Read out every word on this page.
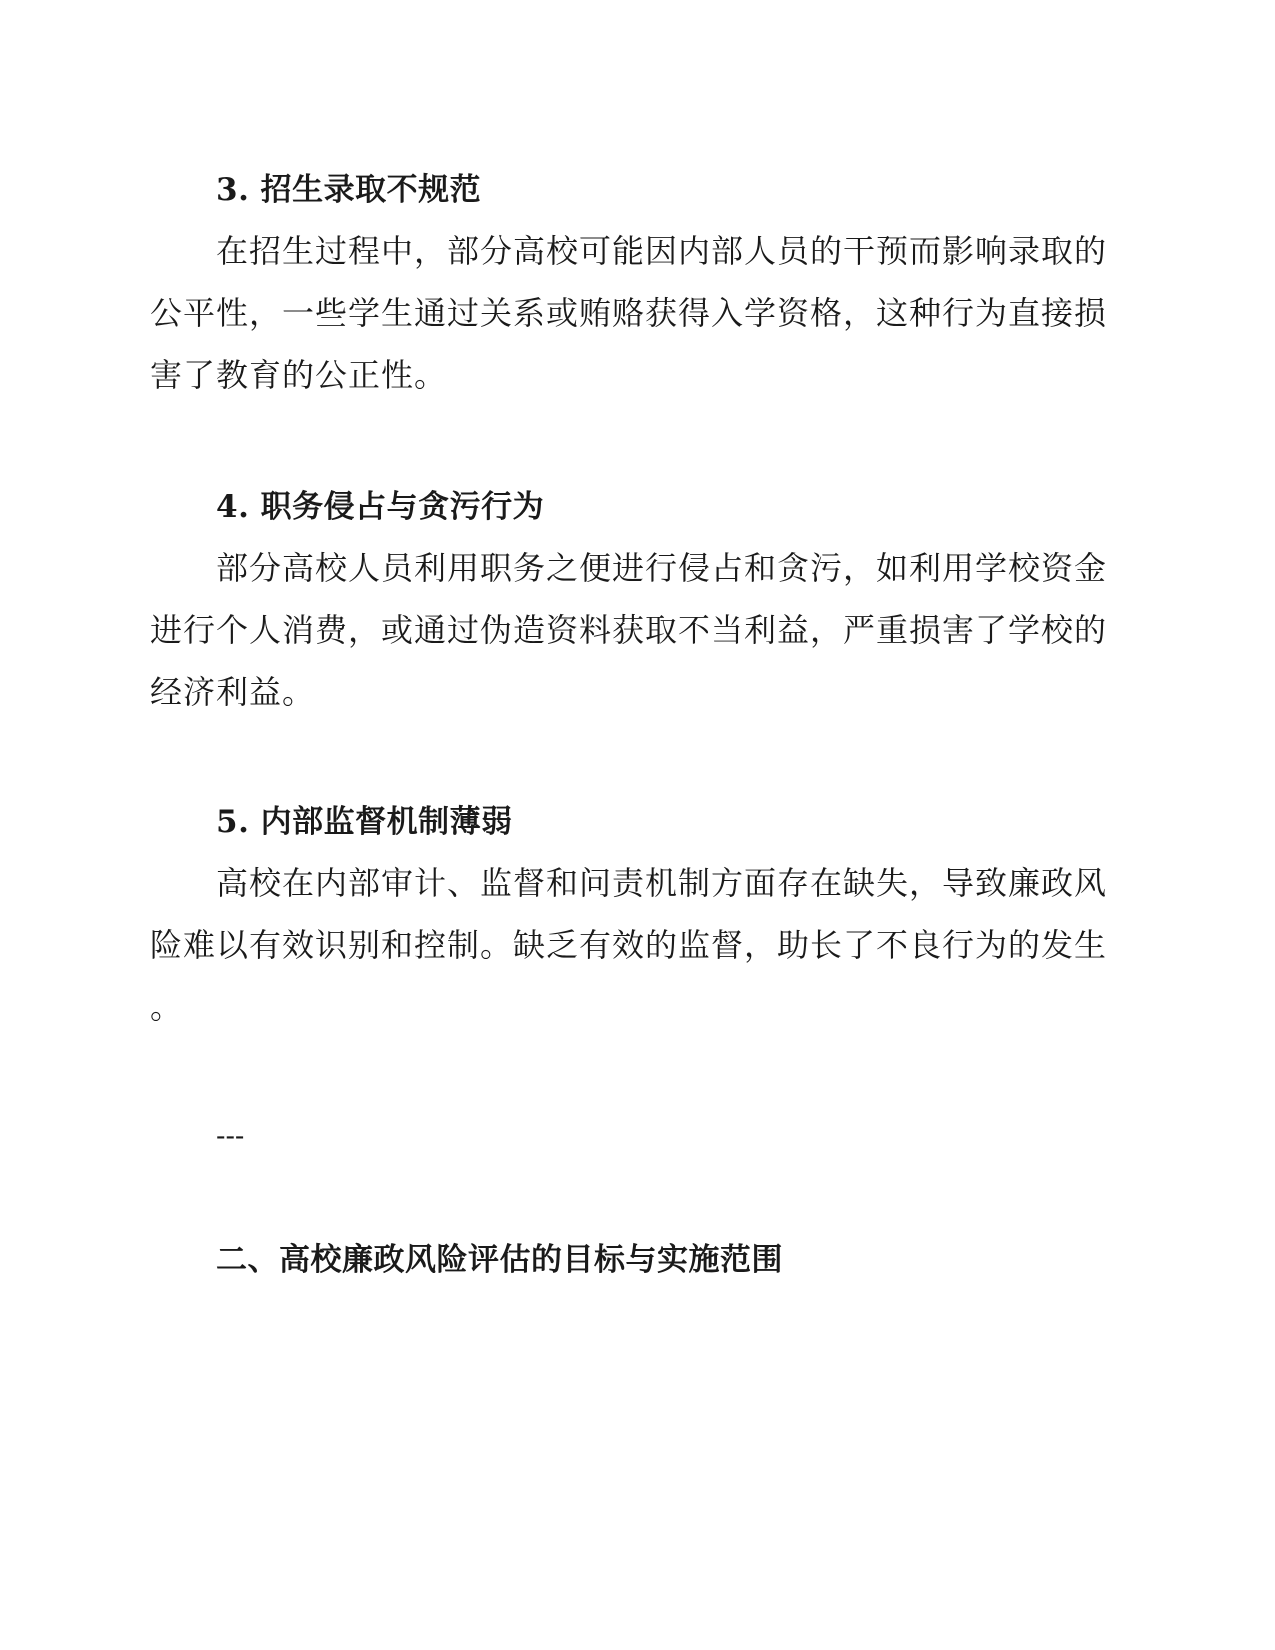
3. 招生录取不规范
在招生过程中，部分高校可能因内部人员的干预而影响录取的
公平性，一些学生通过关系或贿赂获得入学资格，这种行为直接损
害了教育的公正性。
4. 职务侵占与贪污行为
部分高校人员利用职务之便进行侵占和贪污，如利用学校资金
进行个人消费，或通过伪造资料获取不当利益，严重损害了学校的
经济利益。
5. 内部监督机制薄弱
高校在内部审计、监督和问责机制方面存在缺失，导致廉政风
险难以有效识别和控制。缺乏有效的监督，助长了不良行为的发生
。
---
二、高校廉政风险评估的目标与实施范围
